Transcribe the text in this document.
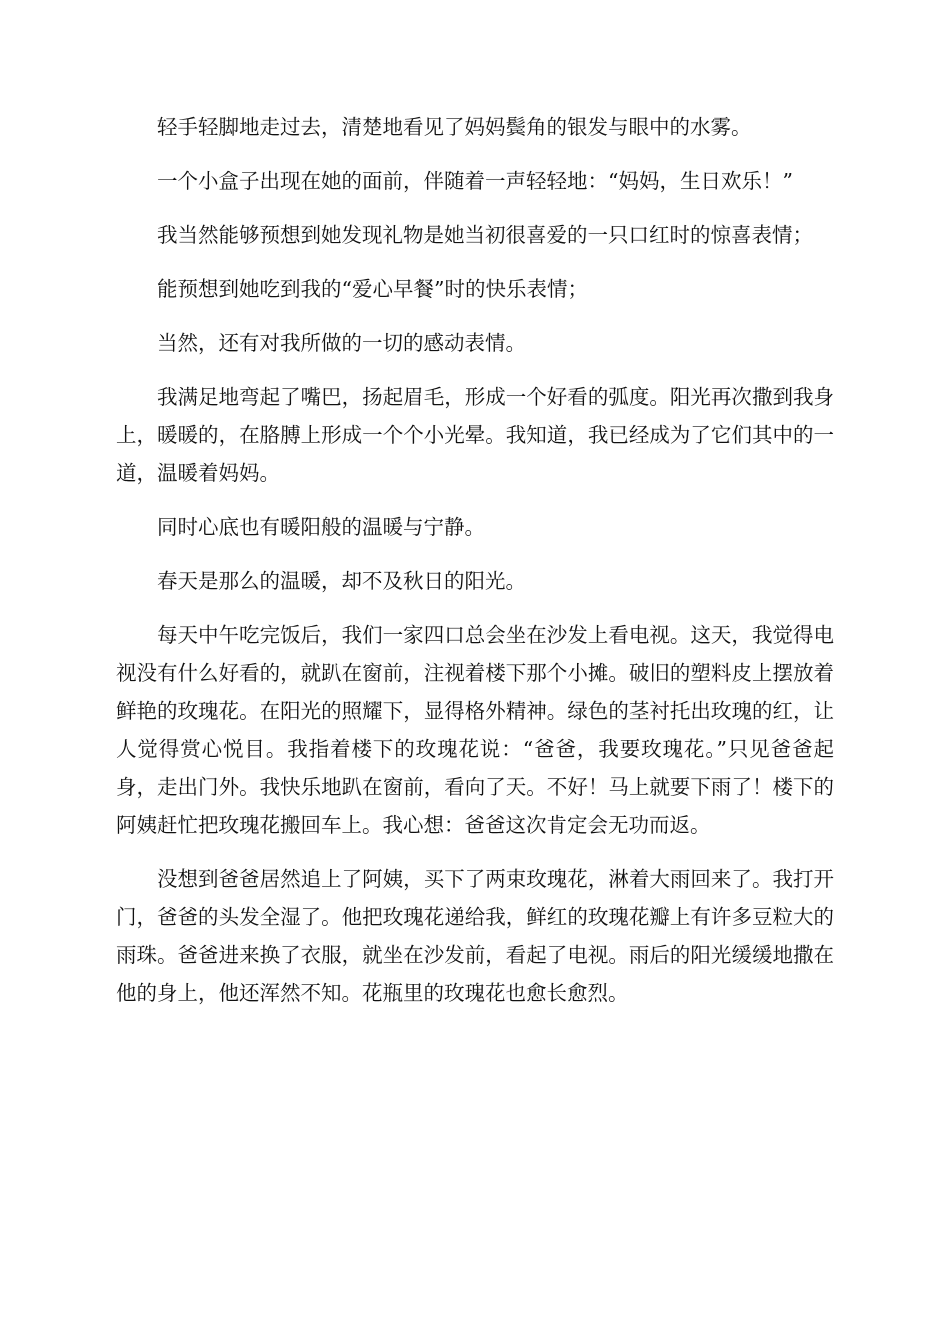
轻手轻脚地走过去，清楚地看见了妈妈鬓角的银发与眼中的水雾。

一个小盒子出现在她的面前，伴随着一声轻轻地：“妈妈，生日欢乐！”

我当然能够预想到她发现礼物是她当初很喜爱的一只口红时的惊喜表情；

能预想到她吃到我的“爱心早餐”时的快乐表情；

当然，还有对我所做的一切的感动表情。

我满足地弯起了嘴巴，扬起眉毛，形成一个好看的弧度。阳光再次撒到我身上，暖暖的，在胳膊上形成一个个小光晕。我知道，我已经成为了它们其中的一道，温暖着妈妈。

同时心底也有暖阳般的温暖与宁静。

春天是那么的温暖，却不及秋日的阳光。

每天中午吃完饭后，我们一家四口总会坐在沙发上看电视。这天，我觉得电视没有什么好看的，就趴在窗前，注视着楼下那个小摊。破旧的塑料皮上摆放着鲜艳的玫瑰花。在阳光的照耀下，显得格外精神。绿色的茎衬托出玫瑰的红，让人觉得赏心悦目。我指着楼下的玫瑰花说：“爸爸，我要玫瑰花。”只见爸爸起身，走出门外。我快乐地趴在窗前，看向了天。不好！马上就要下雨了！楼下的阿姨赶忙把玫瑰花搬回车上。我心想：爸爸这次肯定会无功而返。

没想到爸爸居然追上了阿姨，买下了两束玫瑰花，淋着大雨回来了。我打开门，爸爸的头发全湿了。他把玫瑰花递给我，鲜红的玫瑰花瓣上有许多豆粒大的雨珠。爸爸进来换了衣服，就坐在沙发前，看起了电视。雨后的阳光缓缓地撒在他的身上，他还浑然不知。花瓶里的玫瑰花也愈长愈烈。
